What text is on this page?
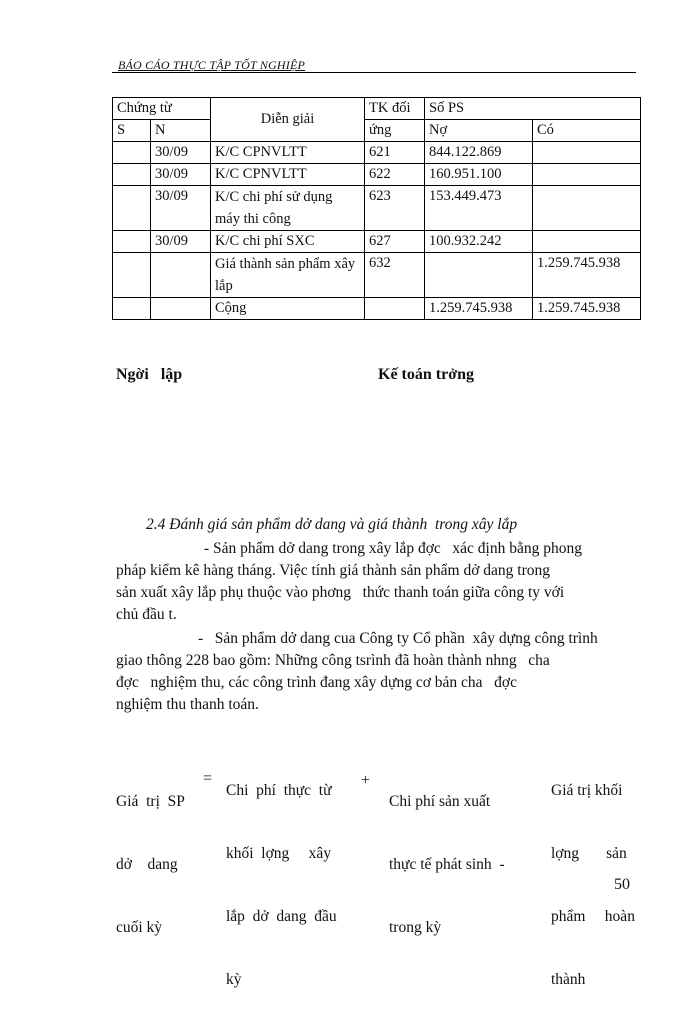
BÁO CÁO THỰC TẬP TỐT NGHIỆP
Chứng từ		Diễn giải	TK đối	Số PS	
S	N		ứng	Nợ	Có
	30/09	K/C CPNVLTT	621	844.122.869	
	30/09	K/C CPNVLTT	622	160.951.100	
	30/09	K/C chi phí sử dụng máy thi công	623	153.449.473	
	30/09	K/C chi phí SXC	627	100.932.242	
		Giá thành sản phẩm xây lắp	632		1.259.745.938
		Cộng		1.259.745.938	1.259.745.938
Ngời   lập	Kế toán trởng
2.4 Đánh giá sản phẩm dở dang và giá thành  trong xây lắp
- Sản phẩm dở dang trong xây lắp đợc   xác định bằng phong
pháp kiểm kê hàng tháng. Việc tính giá thành sản phẩm dở dang trong
sản xuất xây lắp phụ thuộc vào phơng   thức thanh toán giữa công ty với
chủ đầu t.
-   Sản phẩm dở dang cua Công ty Cổ phần  xây dựng công trình
giao thông 228 bao gồm: Những công tsrình đã hoàn thành nhng   cha
đợc   nghiệm thu, các công trình đang xây dựng cơ bản cha   đợc
nghiệm thu thanh toán.

Giá  trị  SP

dở    dang

cuối kỳ

=

Chi  phí  thực  từ

khối  lợng     xây

lắp  dở  dang  đầu

kỳ

+

Chi phí sản xuất

thực tế phát sinh  -

trong kỳ

Giá trị khối

lợng       sản

phẩm     hoàn

thành

50
